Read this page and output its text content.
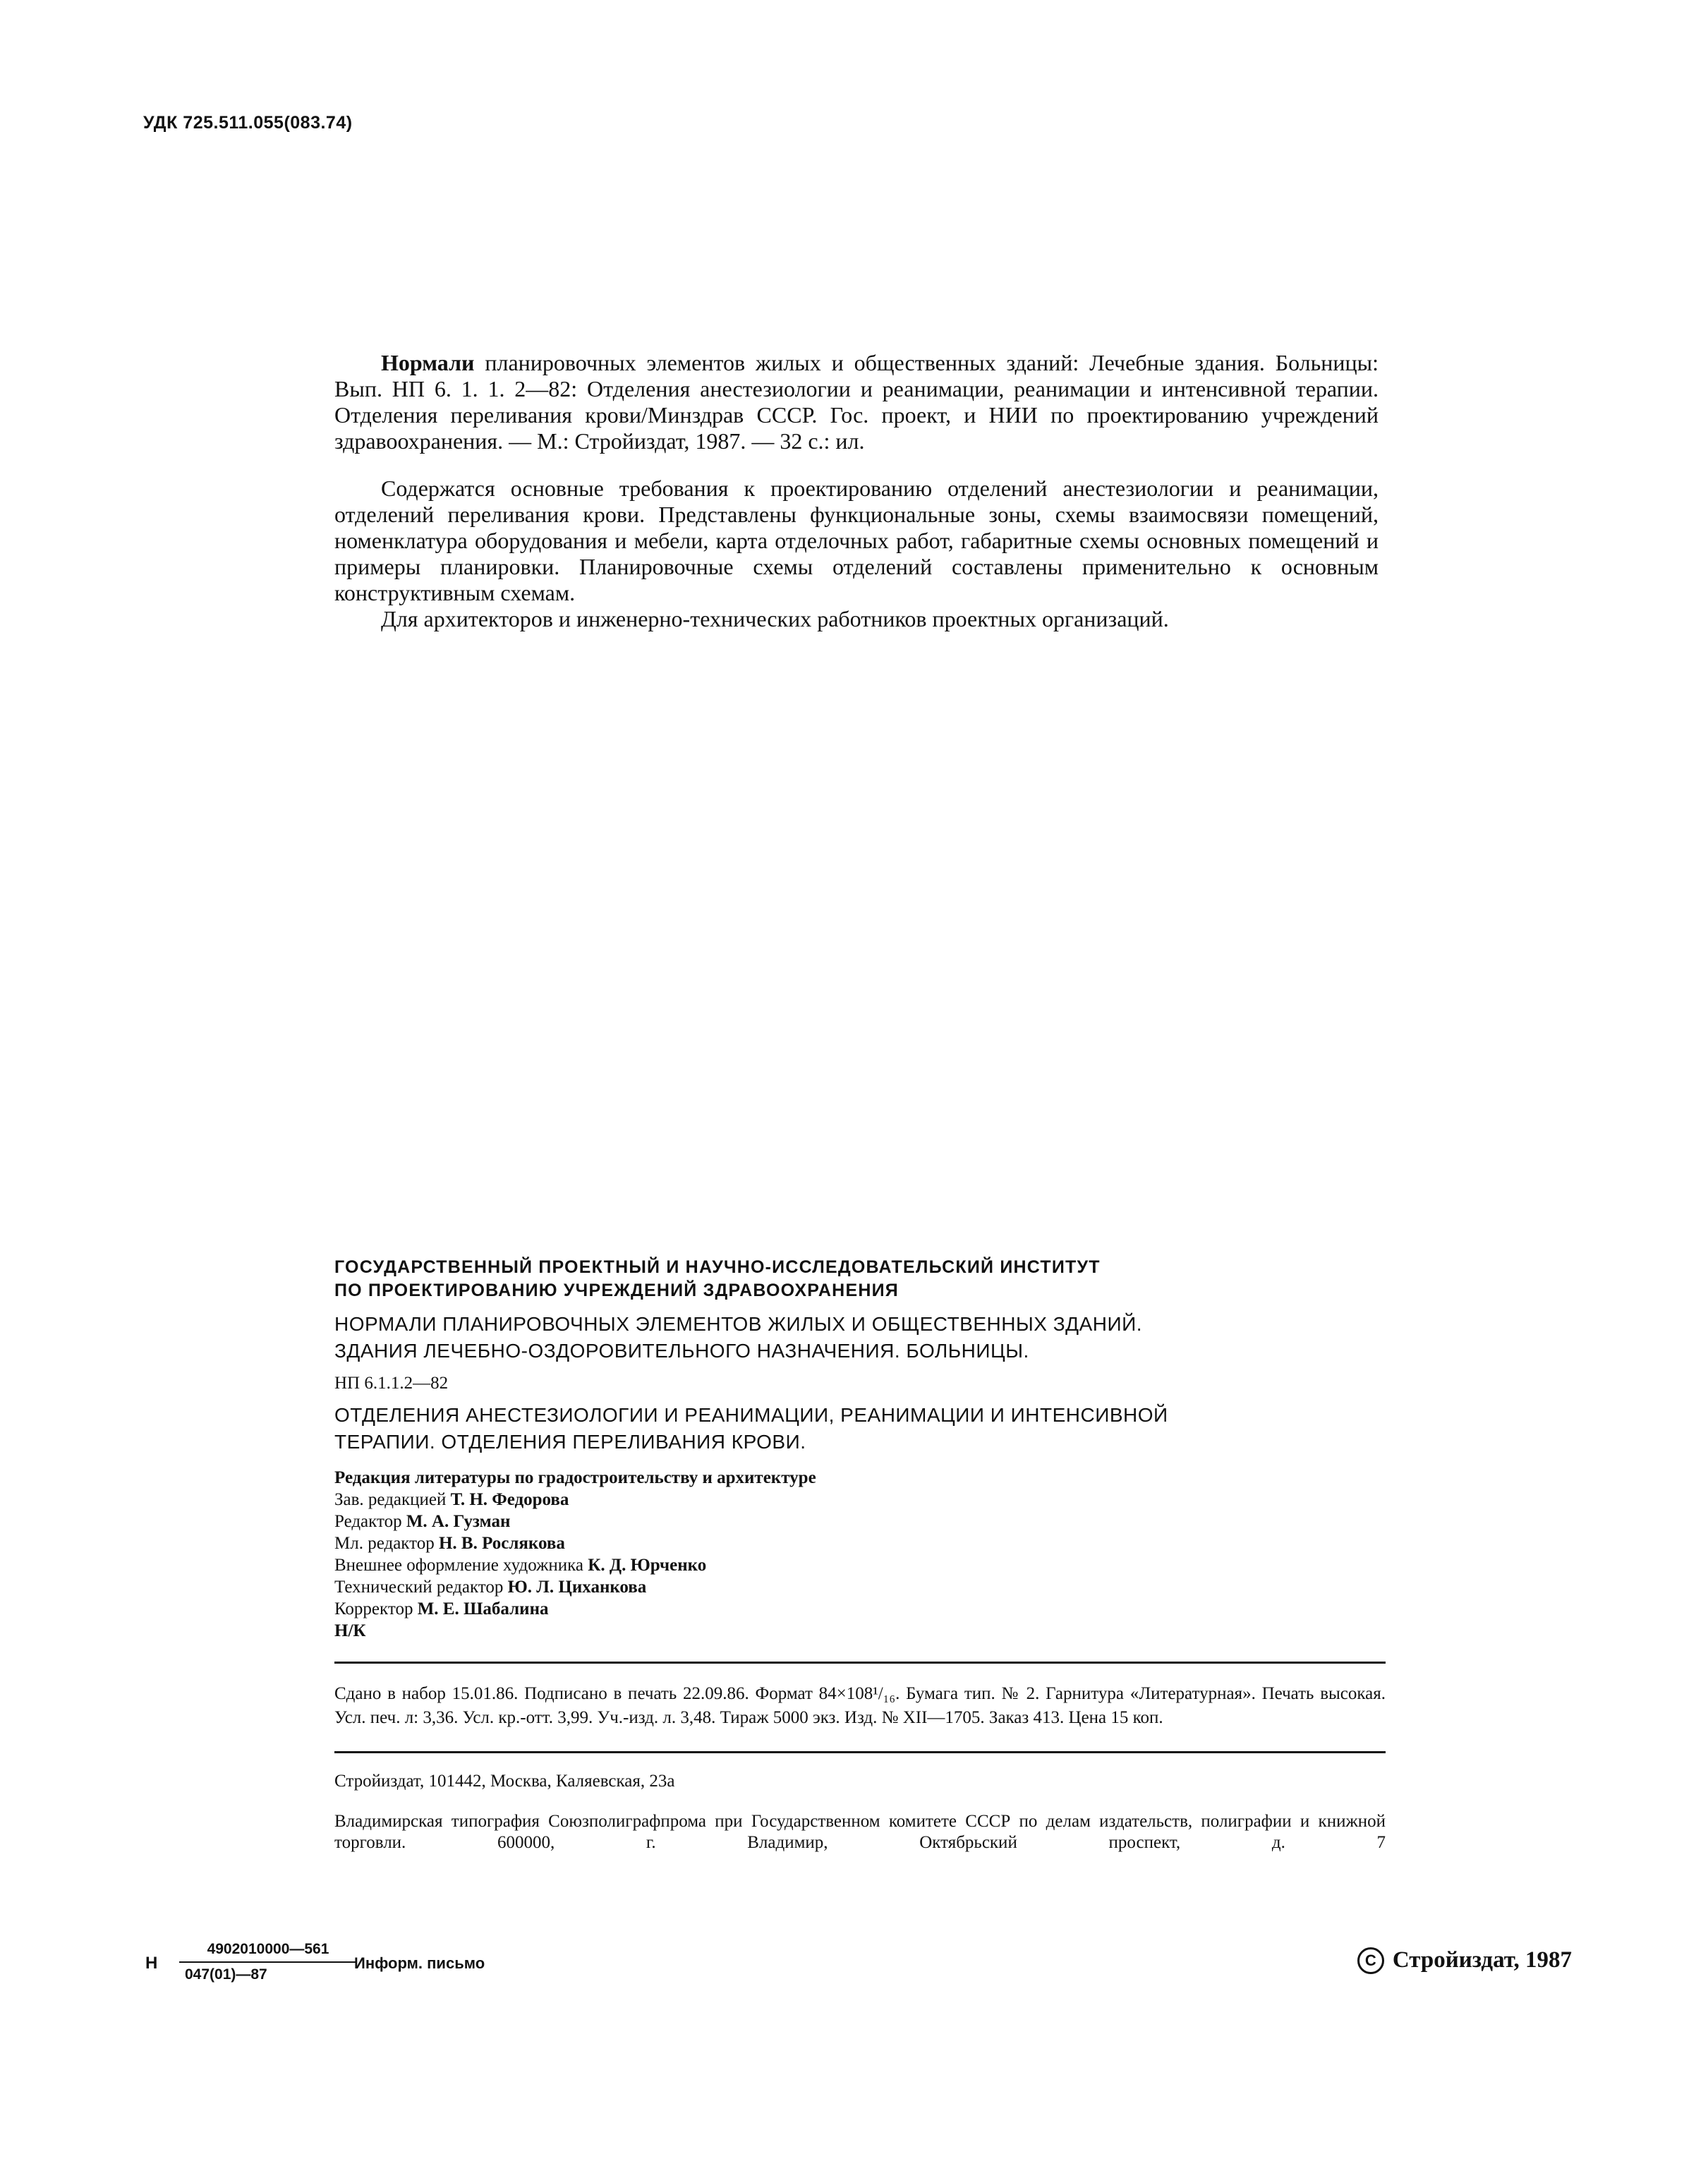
УДК 725.511.055(083.74)

Нормали планировочных элементов жилых и общественных зданий: Лечебные здания. Больницы: Вып. НП 6. 1. 1. 2—82: Отделения анестезиологии и реанимации, реанимации и интенсивной терапии. Отделения переливания крови/Минздрав СССР. Гос. проект, и НИИ по проектированию учреждений здравоохранения. — М.: Стройиздат, 1987. — 32 с.: ил.

Содержатся основные требования к проектированию отделений анестезиологии и реанимации, отделений переливания крови. Представлены функциональные зоны, схемы взаимосвязи помещений, номенклатура оборудования и мебели, карта отделочных работ, габаритные схемы основных помещений и примеры планировки. Планировочные схемы отделений составлены применительно к основным конструктивным схемам.

Для архитекторов и инженерно-технических работников проектных организаций.

ГОСУДАРСТВЕННЫЙ ПРОЕКТНЫЙ И НАУЧНО-ИССЛЕДОВАТЕЛЬСКИЙ ИНСТИТУТ

ПО ПРОЕКТИРОВАНИЮ УЧРЕЖДЕНИЙ ЗДРАВООХРАНЕНИЯ

НОРМАЛИ ПЛАНИРОВОЧНЫХ ЭЛЕМЕНТОВ ЖИЛЫХ И ОБЩЕСТВЕННЫХ ЗДАНИЙ.

ЗДАНИЯ ЛЕЧЕБНО-ОЗДОРОВИТЕЛЬНОГО НАЗНАЧЕНИЯ. БОЛЬНИЦЫ.

НП 6.1.1.2—82

ОТДЕЛЕНИЯ АНЕСТЕЗИОЛОГИИ И РЕАНИМАЦИИ, РЕАНИМАЦИИ И ИНТЕНСИВНОЙ

ТЕРАПИИ. ОТДЕЛЕНИЯ ПЕРЕЛИВАНИЯ КРОВИ.

Редакция литературы по градостроительству и архитектуре
Зав. редакцией Т. Н. Федорова
Редактор М. А. Гузман
Мл. редактор Н. В. Рослякова
Внешнее оформление художника К. Д. Юрченко
Технический редактор Ю. Л. Циханкова
Корректор М. Е. Шабалина
Н/К
Сдано в набор 15.01.86. Подписано в печать 22.09.86. Формат 84×108¹/₁₆. Бумага тип. № 2. Гарнитура «Литературная». Печать высокая. Усл. печ. л: 3,36. Усл. кр.-отт. 3,99. Уч.-изд. л. 3,48. Тираж 5000 экз. Изд. № XII—1705. Заказ 413. Цена 15 коп.
Стройиздат, 101442, Москва, Каляевская, 23а
Владимирская типография Союзполиграфпрома при Государственном комитете СССР по делам издательств, полиграфии и книжной торговли. 600000, г. Владимир, Октябрьский проспект, д. 7
Н
4902010000—561
047(01)—87
Информ. письмо	C Стройиздат, 1987
